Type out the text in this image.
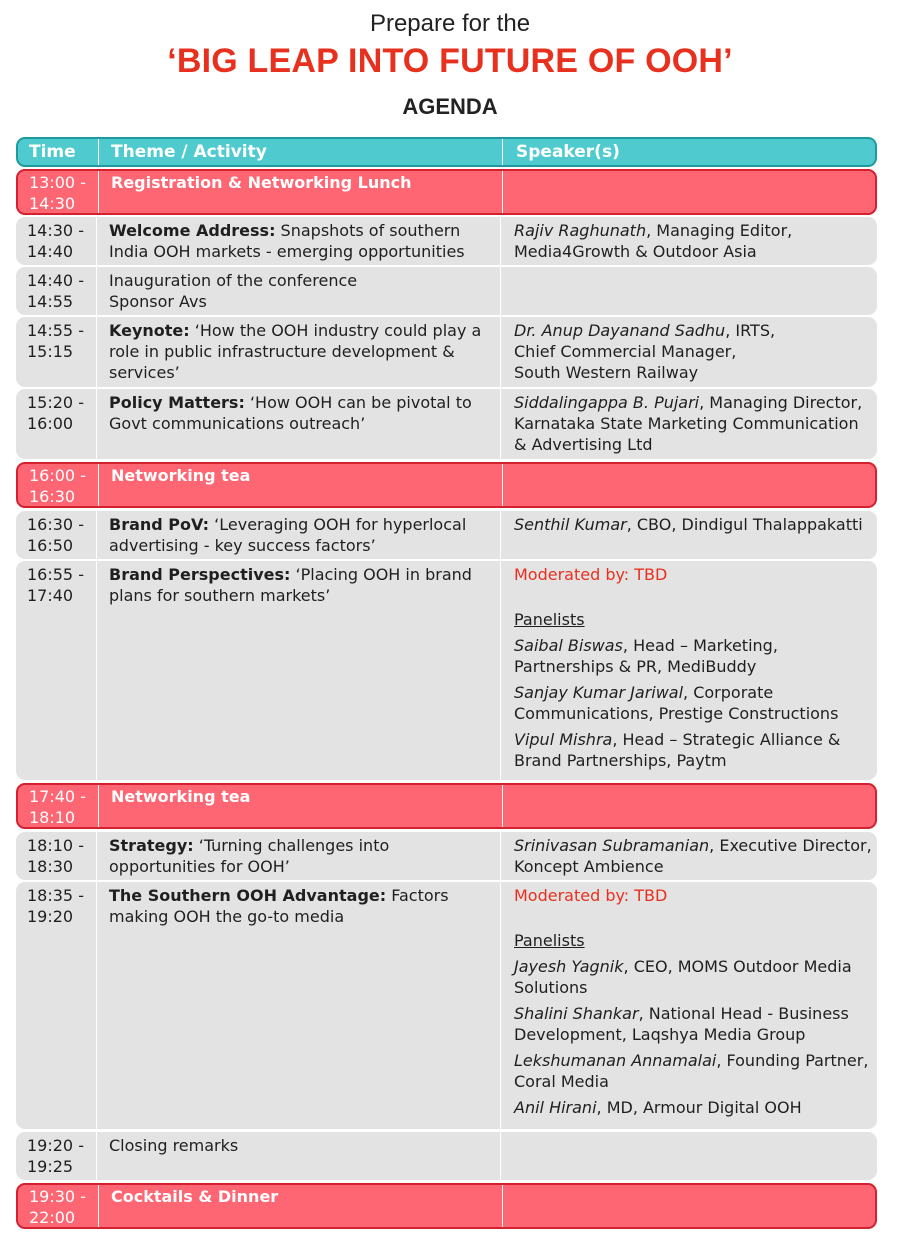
Prepare for the
‘BIG LEAP INTO FUTURE OF OOH’
AGENDA
Time	Theme / Activity	Speaker(s)
13:00 -
14:30
Registration & Networking Lunch
14:30 -
14:40
Welcome Address: Snapshots of southern India OOH markets - emerging opportunities
Rajiv Raghunath, Managing Editor, Media4Growth & Outdoor Asia
14:40 -
14:55
Inauguration of the conference
Sponsor Avs
14:55 -
15:15
Keynote: ‘How the OOH industry could play a role in public infrastructure development & services’
Dr. Anup Dayanand Sadhu, IRTS,
Chief Commercial Manager,
South Western Railway
15:20 -
16:00
Policy Matters: ‘How OOH can be pivotal to Govt communications outreach’
Siddalingappa B. Pujari, Managing Director, Karnataka State Marketing Communication & Advertising Ltd
16:00 -
16:30
Networking tea
16:30 -
16:50
Brand PoV: ‘Leveraging OOH for hyperlocal advertising - key success factors’
Senthil Kumar, CBO, Dindigul Thalappakatti
16:55 -
17:40
Brand Perspectives: ‘Placing OOH in brand plans for southern markets’
Moderated by: TBD
Panelists
Saibal Biswas, Head – Marketing, Partnerships & PR, MediBuddy
Sanjay Kumar Jariwal, Corporate Communications, Prestige Constructions
Vipul Mishra, Head – Strategic Alliance & Brand Partnerships, Paytm
17:40 -
18:10
Networking tea
18:10 -
18:30
Strategy: ‘Turning challenges into opportunities for OOH’
Srinivasan Subramanian, Executive Director, Koncept Ambience
18:35 -
19:20
The Southern OOH Advantage: Factors making OOH the go-to media
Moderated by: TBD
Panelists
Jayesh Yagnik, CEO, MOMS Outdoor Media Solutions
Shalini Shankar, National Head - Business Development, Laqshya Media Group
Lekshumanan Annamalai, Founding Partner, Coral Media
Anil Hirani, MD, Armour Digital OOH
19:20 -
19:25
Closing remarks
19:30 -
22:00
Cocktails & Dinner
